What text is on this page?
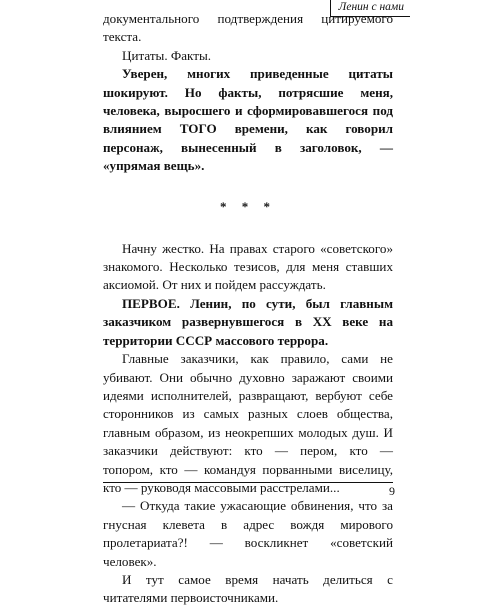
Ленин с нами

документального подтверждения цитируемого текста.

Цитаты. Факты.

Уверен, многих приведенные цитаты шокируют. Но факты, потрясшие меня, человека, выросшего и сформировавшегося под влиянием ТОГО времени, как говорил персонаж, вынесенный в заголовок, — «упрямая вещь».

* * *

Начну жестко. На правах старого «советского» знакомого. Несколько тезисов, для меня ставших аксиомой. От них и пойдем рассуждать.

ПЕРВОЕ. Ленин, по сути, был главным заказчиком развернувшегося в XX веке на территории СССР массового террора.

Главные заказчики, как правило, сами не убивают. Они обычно духовно заражают своими идеями исполнителей, развращают, вербуют себе сторонников из самых разных слоев общества, главным образом, из неокрепших молодых душ. И заказчики действуют: кто — пером, кто — топором, кто — командуя порванными виселицу, кто — руководя массовыми расстрелами...

— Откуда такие ужасающие обвинения, что за гнусная клевета в адрес вождя мирового пролетариата?! — воскликнет «советский человек».

И тут самое время начать делиться с читателями первоисточниками.

9
